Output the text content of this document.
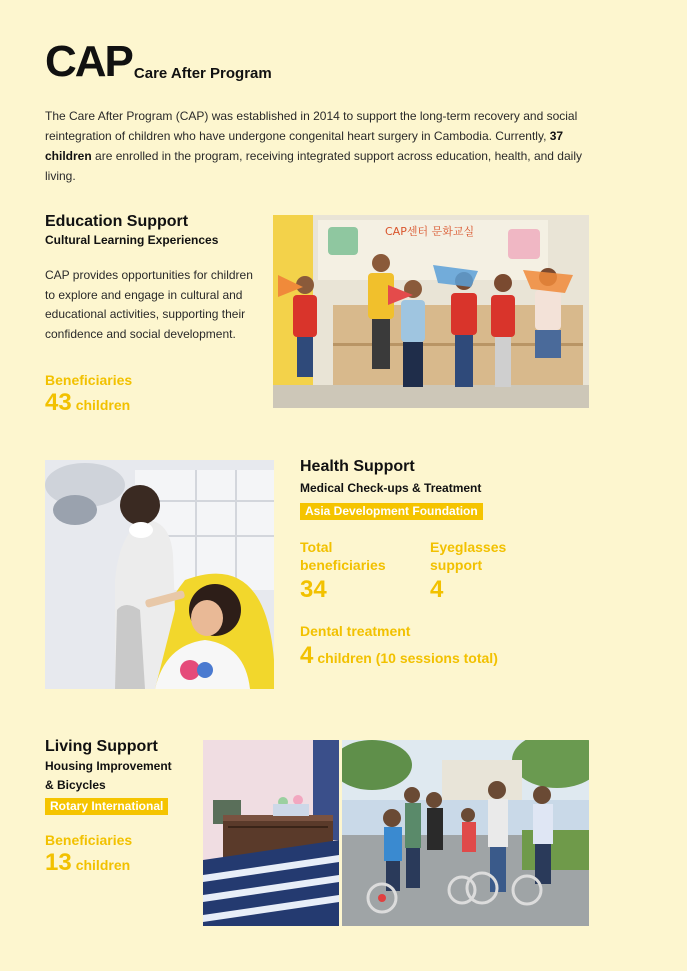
CAP Care After Program
The Care After Program (CAP) was established in 2014 to support the long-term recovery and social reintegration of children who have undergone congenital heart surgery in Cambodia. Currently, 37 children are enrolled in the program, receiving integrated support across education, health, and daily living.
Education Support
Cultural Learning Experiences
CAP provides opportunities for children to explore and engage in cultural and educational activities, supporting their confidence and social development.
Beneficiaries
43 children
CAP센터 문화교실
Health Support
Medical Check-ups & Treatment
Asia Development Foundation
Total
beneficiaries
34
Eyeglasses
support
4
Dental treatment
4 children (10 sessions total)
Living Support
Housing Improvement
& Bicycles
Rotary International
Beneficiaries
13 children
